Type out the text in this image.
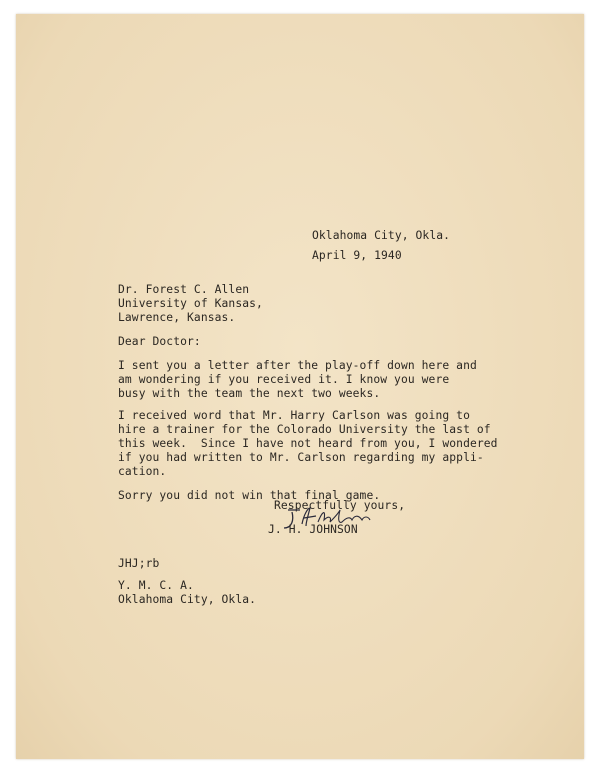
Oklahoma City, Okla.
April 9, 1940
Dr. Forest C. Allen
University of Kansas,
Lawrence, Kansas.
Dear Doctor:
I sent you a letter after the play-off down here and
am wondering if you received it. I know you were
busy with the team the next two weeks.
I received word that Mr. Harry Carlson was going to
hire a trainer for the Colorado University the last of
this week.  Since I have not heard from you, I wondered
if you had written to Mr. Carlson regarding my appli-
cation.
Sorry you did not win that final game.
Respectfully yours,
J. H. JOHNSON
JHJ;rb
Y. M. C. A.
Oklahoma City, Okla.
